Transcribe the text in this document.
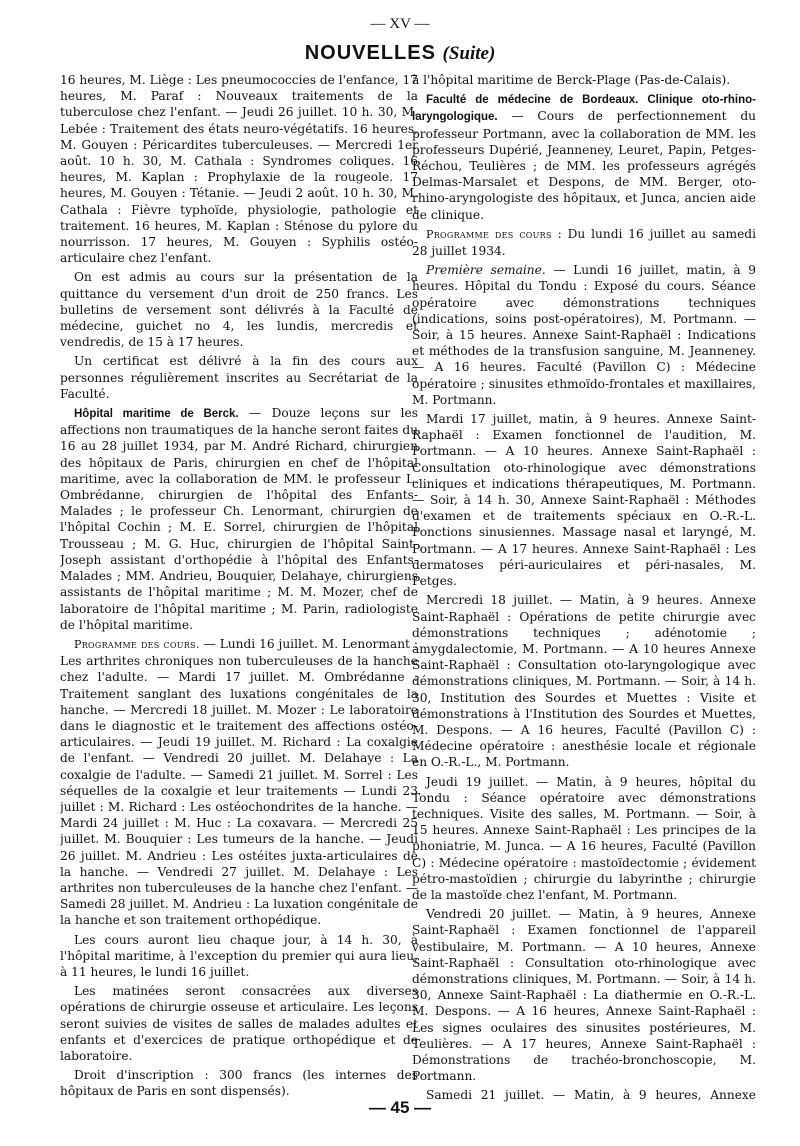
— XV —
NOUVELLES (Suite)

16 heures, M. Liège : Les pneumococcies de l'enfance, 17 heures, M. Paraf : Nouveaux traitements de la tuberculose chez l'enfant. — Jeudi 26 juillet. 10 h. 30, M. Lebée : Traitement des états neuro-végétatifs. 16 heures, M. Gouyen : Péricardites tuberculeuses. — Mercredi 1er août. 10 h. 30, M. Cathala : Syndromes coliques. 16 heures, M. Kaplan : Prophylaxie de la rougeole. 17 heures, M. Gouyen : Tétanie. — Jeudi 2 août. 10 h. 30, M. Cathala : Fièvre typhoïde, physiologie, pathologie et traitement. 16 heures, M. Kaplan : Sténose du pylore du nourrisson. 17 heures, M. Gouyen : Syphilis ostéo-articulaire chez l'enfant.

On est admis au cours sur la présentation de la quittance du versement d'un droit de 250 francs. Les bulletins de versement sont délivrés à la Faculté de médecine, guichet no 4, les lundis, mercredis et vendredis, de 15 à 17 heures.

Un certificat est délivré à la fin des cours aux personnes régulièrement inscrites au Secrétariat de la Faculté.

Hôpital maritime de Berck. — Douze leçons sur les affections non traumatiques de la hanche seront faites du 16 au 28 juillet 1934, par M. André Richard, chirurgien des hôpitaux de Paris, chirurgien en chef de l'hôpital maritime, avec la collaboration de MM. le professeur L. Ombrédanne, chirurgien de l'hôpital des Enfants-Malades ; le professeur Ch. Lenormant, chirurgien de l'hôpital Cochin ; M. E. Sorrel, chirurgien de l'hôpital Trousseau ; M. G. Huc, chirurgien de l'hôpital Saint-Joseph assistant d'orthopédie à l'hôpital des Enfants-Malades ; MM. Andrieu, Bouquier, Delahaye, chirurgiens assistants de l'hôpital maritime ; M. M. Mozer, chef de laboratoire de l'hôpital maritime ; M. Parin, radiologiste de l'hôpital maritime.

Programme des cours. — Lundi 16 juillet. M. Lenormant : Les arthrites chroniques non tuberculeuses de la hanche chez l'adulte. — Mardi 17 juillet. M. Ombrédanne : Traitement sanglant des luxations congénitales de la hanche. — Mercredi 18 juillet. M. Mozer : Le laboratoire dans le diagnostic et le traitement des affections ostéo-articulaires. — Jeudi 19 juillet. M. Richard : La coxalgie de l'enfant. — Vendredi 20 juillet. M. Delahaye : La coxalgie de l'adulte. — Samedi 21 juillet. M. Sorrel : Les séquelles de la coxalgie et leur traitements — Lundi 23 juillet : M. Richard : Les ostéochondrites de la hanche. — Mardi 24 juillet : M. Huc : La coxavara. — Mercredi 25 juillet. M. Bouquier : Les tumeurs de la hanche. — Jeudi 26 juillet. M. Andrieu : Les ostéites juxta-articulaires de la hanche. — Vendredi 27 juillet. M. Delahaye : Les arthrites non tuberculeuses de la hanche chez l'enfant. — Samedi 28 juillet. M. Andrieu : La luxation congénitale de la hanche et son traitement orthopédique.

Les cours auront lieu chaque jour, à 14 h. 30, à l'hôpital maritime, à l'exception du premier qui aura lieu, à 11 heures, le lundi 16 juillet.

Les matinées seront consacrées aux diverses opérations de chirurgie osseuse et articulaire. Les leçons seront suivies de visites de salles de malades adultes et enfants et d'exercices de pratique orthopédique et de laboratoire.

Droit d'inscription : 300 francs (les internes des hôpitaux de Paris en sont dispensés).

à l'hôpital maritime de Berck-Plage (Pas-de-Calais).

Faculté de médecine de Bordeaux. Clinique oto-rhino-laryngologique. — Cours de perfectionnement du professeur Portmann, avec la collaboration de MM. les professeurs Dupérié, Jeanneney, Leuret, Papin, Petges-Réchou, Teulières ; de MM. les professeurs agrégés Delmas-Marsalet et Despons, de MM. Berger, oto-rhino-aryngologiste des hôpitaux, et Junca, ancien aide de clinique.

Programme des cours : Du lundi 16 juillet au samedi 28 juillet 1934.

Première semaine. — Lundi 16 juillet, matin, à 9 heures. Hôpital du Tondu : Exposé du cours. Séance opératoire avec démonstrations techniques (indications, soins post-opératoires), M. Portmann. — Soir, à 15 heures. Annexe Saint-Raphaël : Indications et méthodes de la transfusion sanguine, M. Jeanneney. — A 16 heures. Faculté (Pavillon C) : Médecine opératoire ; sinusites ethmoïdo-frontales et maxillaires, M. Portmann.

Mardi 17 juillet, matin, à 9 heures. Annexe Saint-Raphaël : Examen fonctionnel de l'audition, M. Portmann. — A 10 heures. Annexe Saint-Raphaël : Consultation oto-rhinologique avec démonstrations cliniques et indications thérapeutiques, M. Portmann. — Soir, à 14 h. 30, Annexe Saint-Raphaël : Méthodes d'examen et de traitements spéciaux en O.-R.-L. Ponctions sinusiennes. Massage nasal et laryngé, M. Portmann. — A 17 heures. Annexe Saint-Raphaël : Les dermatoses péri-auriculaires et péri-nasales, M. Petges.

Mercredi 18 juillet. — Matin, à 9 heures. Annexe Saint-Raphaël : Opérations de petite chirurgie avec démonstrations techniques ; adénotomie ; amygdalectomie, M. Portmann. — A 10 heures Annexe Saint-Raphaël : Consultation oto-laryngologique avec démonstrations cliniques, M. Portmann. — Soir, à 14 h. 30, Institution des Sourdes et Muettes : Visite et démonstrations à l'Institution des Sourdes et Muettes, M. Despons. — A 16 heures, Faculté (Pavillon C) : Médecine opératoire : anesthésie locale et régionale en O.-R.-L., M. Portmann.

Jeudi 19 juillet. — Matin, à 9 heures, hôpital du Tondu : Séance opératoire avec démonstrations techniques. Visite des salles, M. Portmann. — Soir, à 15 heures. Annexe Saint-Raphaël : Les principes de la phoniatrie, M. Junca. — A 16 heures, Faculté (Pavillon C) : Médecine opératoire : mastoïdectomie ; évidement pétro-mastoïdien ; chirurgie du labyrinthe ; chirurgie de la mastoïde chez l'enfant, M. Portmann.

Vendredi 20 juillet. — Matin, à 9 heures, Annexe Saint-Raphaël : Examen fonctionnel de l'appareil vestibulaire, M. Portmann. — A 10 heures, Annexe Saint-Raphaël : Consultation oto-rhinologique avec démonstrations cliniques, M. Portmann. — Soir, à 14 h. 30, Annexe Saint-Raphaël : La diathermie en O.-R.-L. M. Despons. — A 16 heures, Annexe Saint-Raphaël : Les signes oculaires des sinusites postérieures, M. Teulières. — A 17 heures, Annexe Saint-Raphaël : Démonstrations de trachéo-bronchoscopie, M. Portmann.

Samedi 21 juillet. — Matin, à 9 heures, Annexe

— 45 —
